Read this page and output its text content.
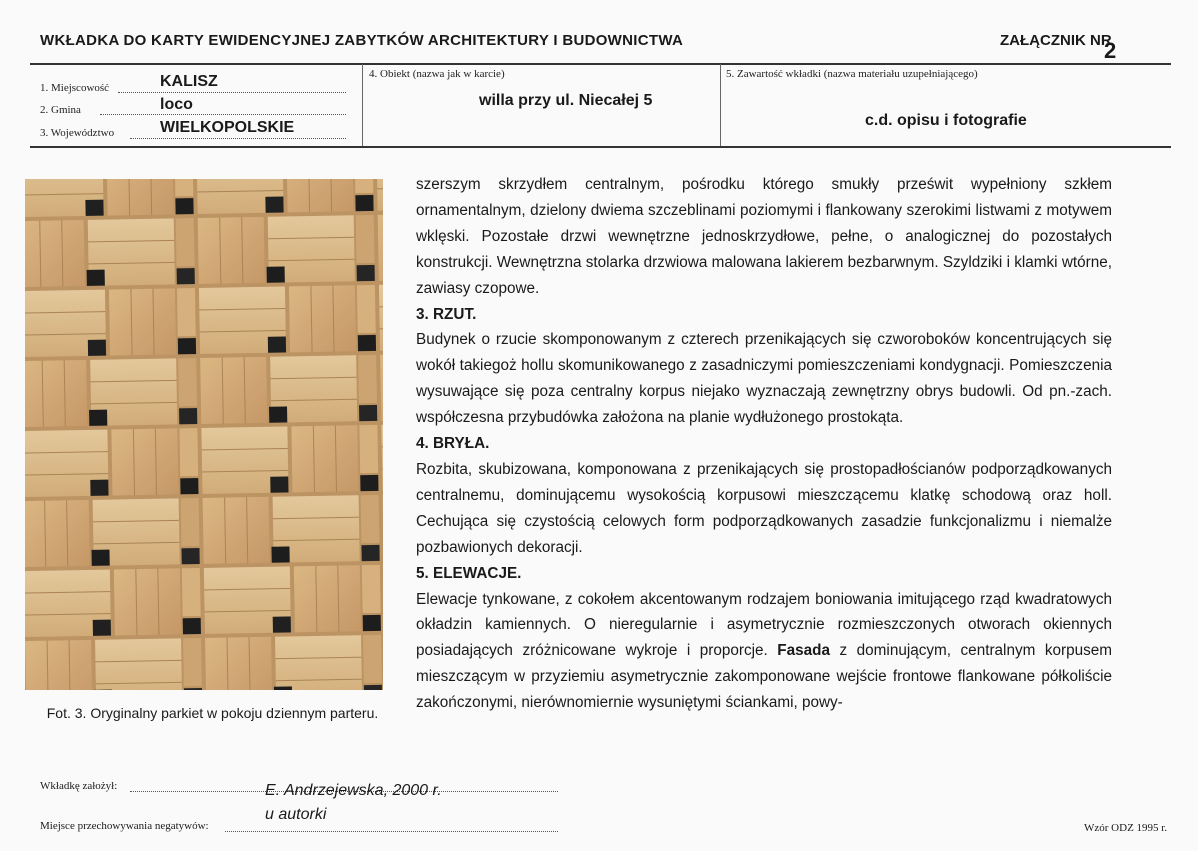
WKŁADKA DO KARTY EWIDENCYJNEJ ZABYTKÓW ARCHITEKTURY I BUDOWNICTWA	ZAŁĄCZNIK NR
2
1. Miejscowość	KALISZ
2. Gmina	loco
3. Województwo	WIELKOPOLSKIE
4. Obiekt (nazwa jak w karcie)
willa przy ul. Niecałej 5
5. Zawartość wkładki (nazwa materiału uzupełniającego)
c.d. opisu i fotografie
Fot. 3. Oryginalny parkiet w pokoju dziennym parteru.

szerszym skrzydłem centralnym, pośrodku którego smukły prześwit wypełniony szkłem ornamentalnym, dzielony dwiema szczeblinami poziomymi i flankowany szerokimi listwami z motywem wklęski. Pozostałe drzwi wewnętrzne jednoskrzydłowe, pełne, o analogicznej do pozostałych konstrukcji. Wewnętrzna stolarka drzwiowa malowana lakierem bezbarwnym. Szyldziki i klamki wtórne, zawiasy czopowe.

3. RZUT.

Budynek o rzucie skomponowanym z czterech przenikających się czworoboków koncentrujących się wokół takiegoż hollu skomunikowanego z zasadniczymi pomieszczeniami kondygnacji. Pomieszczenia wysuwające się poza centralny korpus niejako wyznaczają zewnętrzny obrys budowli. Od pn.-zach. współczesna przybudówka założona na planie wydłużonego prostokąta.

4. BRYŁA.

Rozbita, skubizowana, komponowana z przenikających się prostopadłościanów podporządkowanych centralnemu, dominującemu wysokością korpusowi mieszczącemu klatkę schodową oraz holl. Cechująca się czystością celowych form podporządkowanych zasadzie funkcjonalizmu i niemalże pozbawionych dekoracji.

5. ELEWACJE.

Elewacje tynkowane, z cokołem akcentowanym rodzajem boniowania imitującego rząd kwadratowych okładzin kamiennych. O nieregularnie i asymetrycznie rozmieszczonych otworach okiennych posiadających zróżnicowane wykroje i proporcje. Fasada z dominującym, centralnym korpusem mieszczącym w przyziemiu asymetrycznie zakomponowane wejście frontowe flankowane półkoliście zakończonymi, nierównomiernie wysuniętymi ściankami, powy-

Wkładkę założył:	E. Andrzejewska, 2000 r.
Miejsce przechowywania negatywów:
u autorki
Wzór ODZ 1995 r.
